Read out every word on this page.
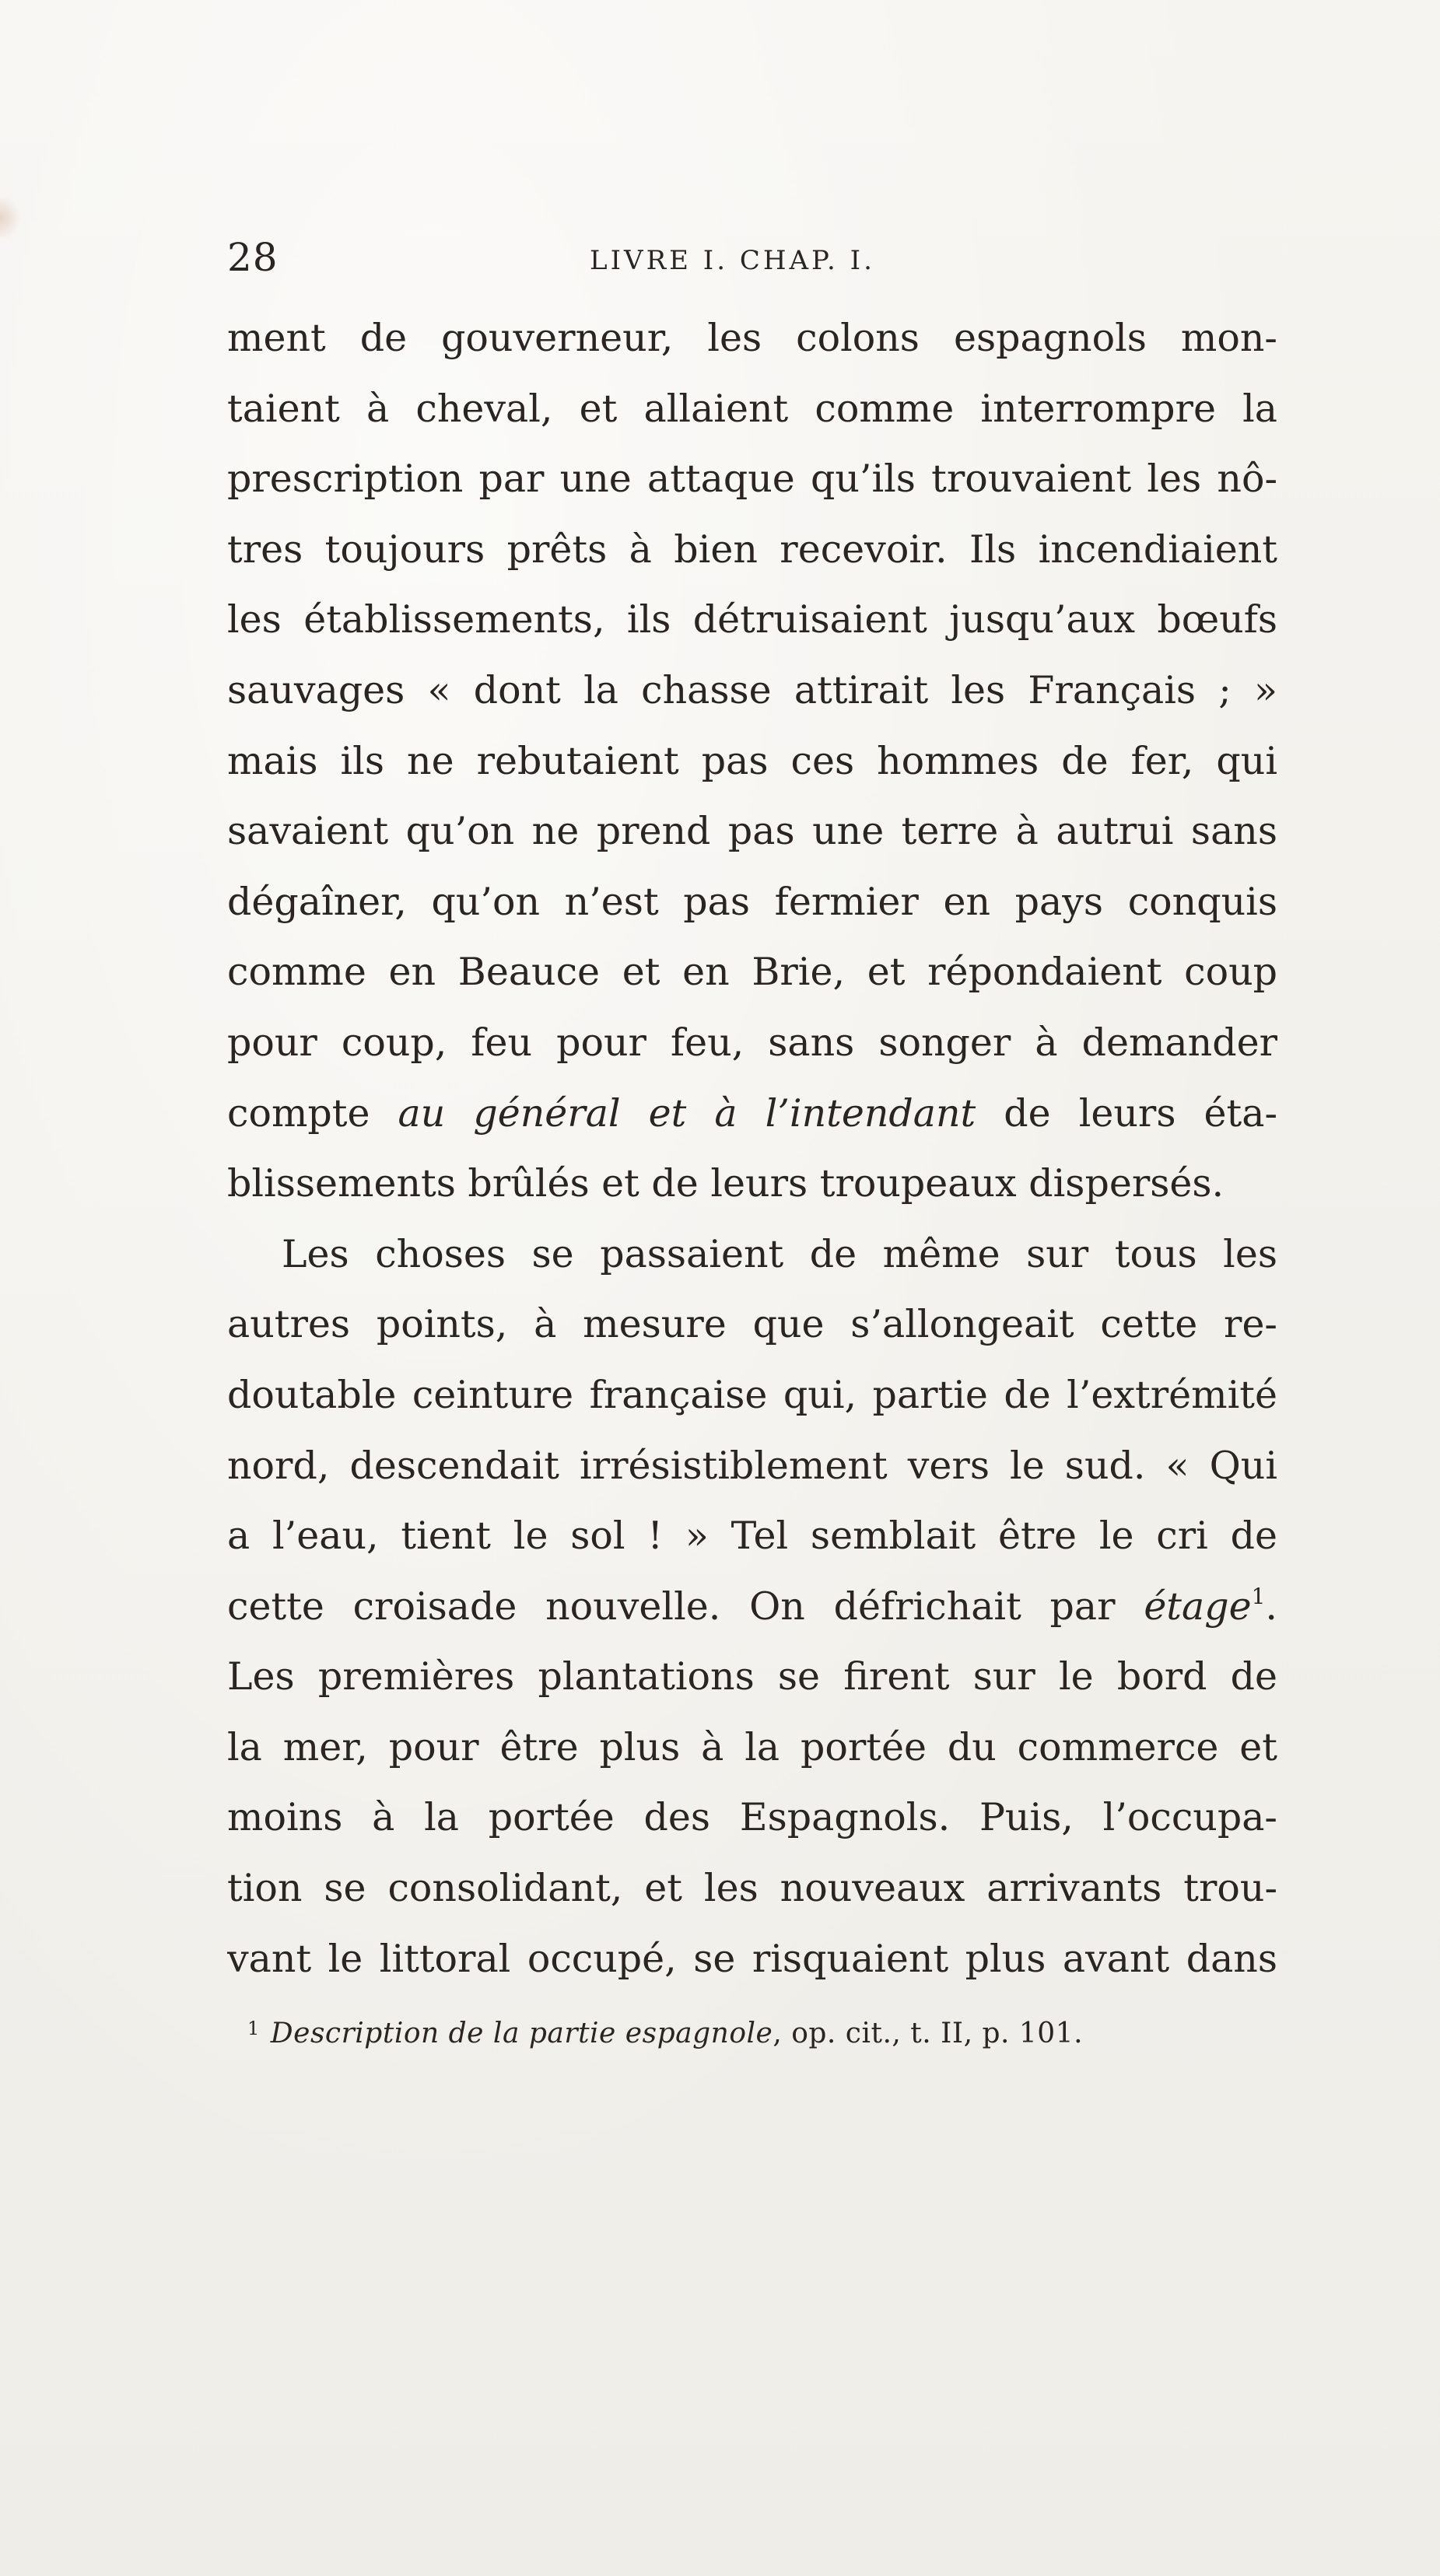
28	LIVRE I. CHAP. I.
ment de gouverneur, les colons espagnols mon-
taient à cheval, et allaient comme interrompre la
prescription par une attaque qu’ils trouvaient les nô-
tres toujours prêts à bien recevoir. Ils incendiaient
les établissements, ils détruisaient jusqu’aux bœufs
sauvages « dont la chasse attirait les Français ; »
mais ils ne rebutaient pas ces hommes de fer, qui
savaient qu’on ne prend pas une terre à autrui sans
dégaîner, qu’on n’est pas fermier en pays conquis
comme en Beauce et en Brie, et répondaient coup
pour coup, feu pour feu, sans songer à demander
compte au général et à l’intendant de leurs éta-
blissements brûlés et de leurs troupeaux dispersés.
Les choses se passaient de même sur tous les
autres points, à mesure que s’allongeait cette re-
doutable ceinture française qui, partie de l’extrémité
nord, descendait irrésistiblement vers le sud. « Qui
a l’eau, tient le sol ! » Tel semblait être le cri de
cette croisade nouvelle. On défrichait par étage$^1$.
Les premières plantations se firent sur le bord de
la mer, pour être plus à la portée du commerce et
moins à la portée des Espagnols. Puis, l’occupa-
tion se consolidant, et les nouveaux arrivants trou-
vant le littoral occupé, se risquaient plus avant dans
$^1$ Description de la partie espagnole, op. cit., t. II, p. 101.
